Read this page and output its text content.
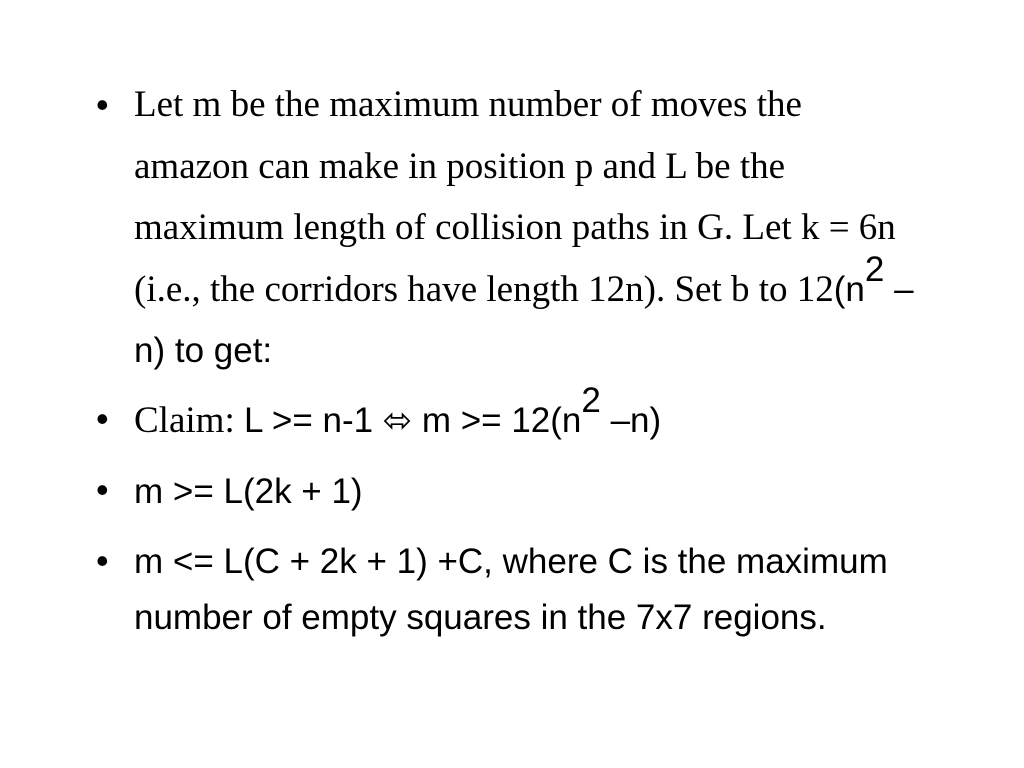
• Let m be the maximum number of moves the amazon can make in position p and L be the maximum length of collision paths in G. Let k = 6n (i.e., the corridors have length 12n). Set b to $12(n^2$ –n) to get:
• Claim: L >= n-1 ⬄ $m >= 12(n^2$ –n)
• m >= L(2k + 1)
• m <= L(C + 2k + 1) +C, where C is the maximum number of empty squares in the 7x7 regions.
